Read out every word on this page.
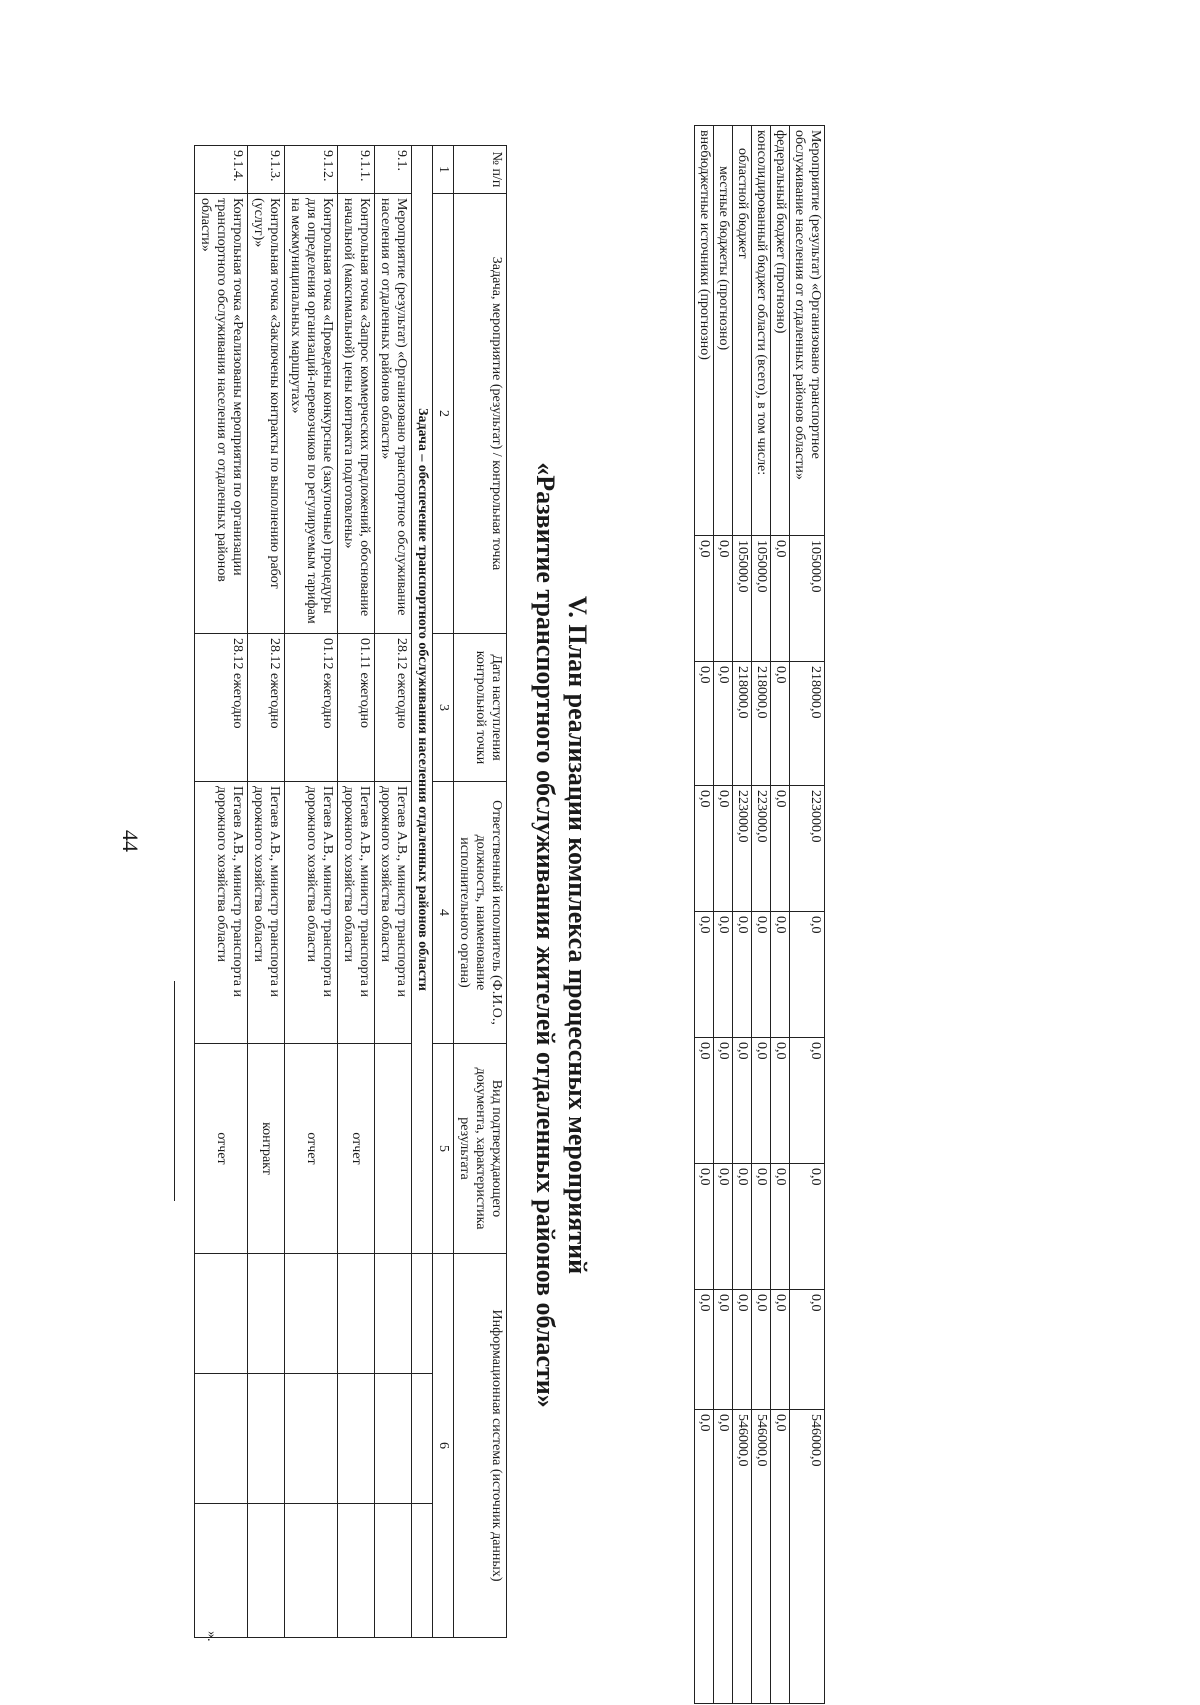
44
Мероприятие (результат) «Организовано транспортное обслуживание населения от отдаленных районов области»	105000,0	218000,0	223000,0	0,0	0,0	0,0	0,0	546000,0	
федеральный бюджет (прогнозно)	0,0	0,0	0,0	0,0	0,0	0,0	0,0	0,0	
консолидированный бюджет области (всего), в том числе:	105000,0	218000,0	223000,0	0,0	0,0	0,0	0,0	546000,0	
областной бюджет	105000,0	218000,0	223000,0	0,0	0,0	0,0	0,0	546000,0	
местные бюджеты (прогнозно)	0,0	0,0	0,0	0,0	0,0	0,0	0,0	0,0	
внебюджетные источники (прогнозно)	0,0	0,0	0,0	0,0	0,0	0,0	0,0	0,0	
V. План реализации комплекса процессных мероприятий
«Развитие транспортного обслуживания жителей отдаленных районов области»
№ п/п	Задача, мероприятие (результат) / контрольная точка	Дата наступления контрольной точки	Ответственный исполнитель (Ф.И.О., должность, наименование исполнительного органа)	Вид подтверждающего документа, характеристика результата	Информационная система (источник данных)		
1	2	3	4	5	6		
Задача – обеспечение транспортного обслуживания населения отдаленных районов области							
9.1.	Мероприятие (результат) «Организовано транспортное обслуживание населения от отдаленных районов области»	28.12 ежегодно	Петаев А.В., министр транспорта и дорожного хозяйства области				
9.1.1.	Контрольная точка «Запрос коммерческих предложений, обоснование начальной (максимальной) цены контракта подготовлены»	01.11 ежегодно	Петаев А.В., министр транспорта и дорожного хозяйства области	отчет			
9.1.2.	Контрольная точка «Проведены конкурсные (закупочные) процедуры для определения организаций-перевозчиков по регулируемым тарифам на межмуниципальных маршрутах»	01.12 ежегодно	Петаев А.В., министр транспорта и дорожного хозяйства области	отчет			
9.1.3.	Контрольная точка «Заключены контракты по выполнению работ (услуг)»	28.12 ежегодно	Петаев А.В., министр транспорта и дорожного хозяйства области	контракт			
9.1.4.	Контрольная точка «Реализованы мероприятия по организации транспортного обслуживания населения от отдаленных районов области»	28.12 ежегодно	Петаев А.В., министр транспорта и дорожного хозяйства области	отчет			
».
